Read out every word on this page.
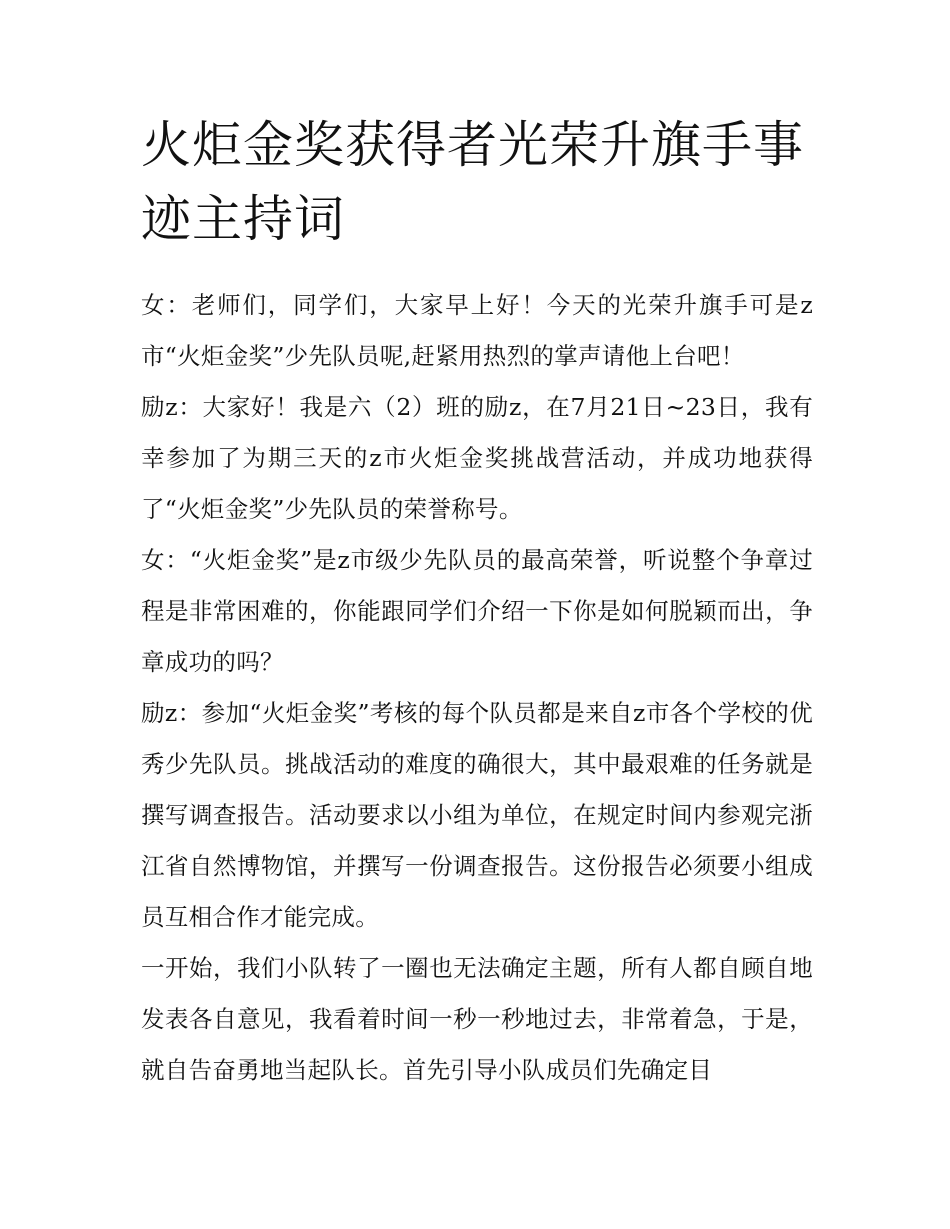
火炬金奖获得者光荣升旗手事迹主持词

女：老师们，同学们，大家早上好！今天的光荣升旗手可是z市“火炬金奖”少先队员呢,赶紧用热烈的掌声请他上台吧！

励z：大家好！我是六（2）班的励z，在7月21日~23日，我有幸参加了为期三天的z市火炬金奖挑战营活动，并成功地获得了“火炬金奖”少先队员的荣誉称号。

女：“火炬金奖”是z市级少先队员的最高荣誉，听说整个争章过程是非常困难的，你能跟同学们介绍一下你是如何脱颖而出，争章成功的吗？

励z：参加“火炬金奖”考核的每个队员都是来自z市各个学校的优秀少先队员。挑战活动的难度的确很大，其中最艰难的任务就是撰写调查报告。活动要求以小组为单位，在规定时间内参观完浙江省自然博物馆，并撰写一份调查报告。这份报告必须要小组成员互相合作才能完成。

一开始，我们小队转了一圈也无法确定主题，所有人都自顾自地发表各自意见，我看着时间一秒一秒地过去，非常着急，于是，就自告奋勇地当起队长。首先引导小队成员们先确定目
